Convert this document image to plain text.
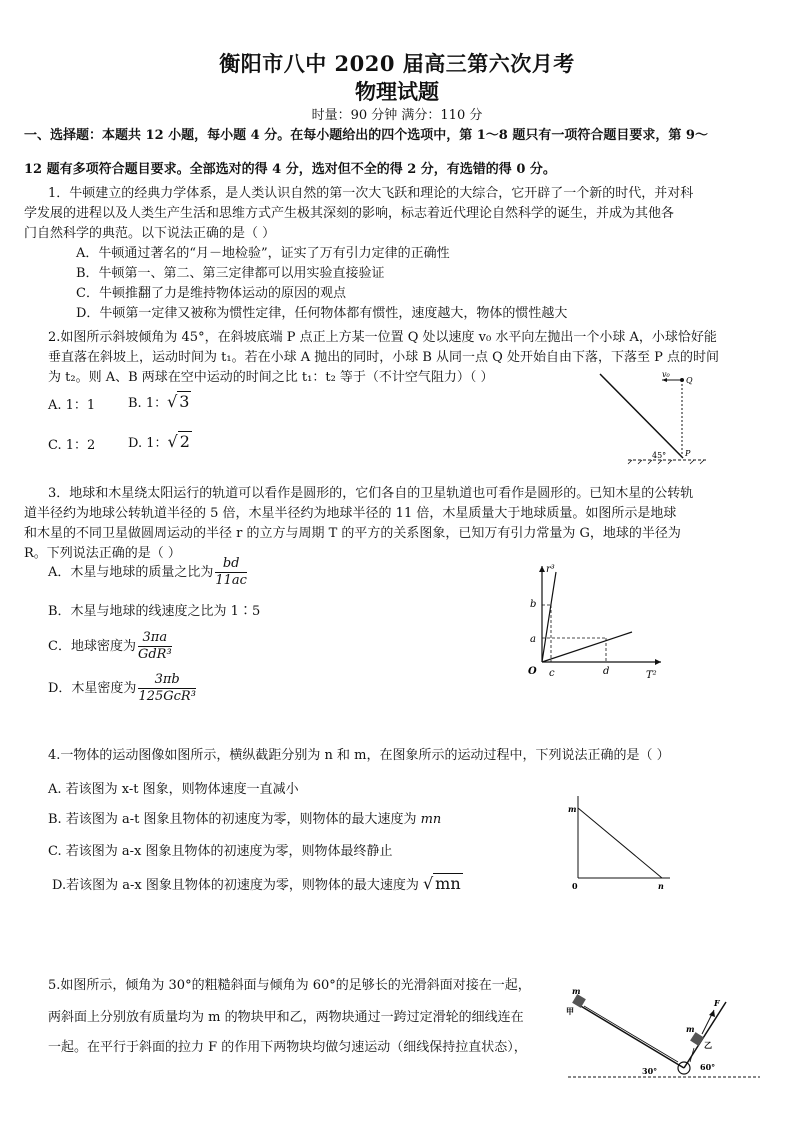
衡阳市八中 2020 届高三第六次月考
物理试题
时量：90 分钟 满分：110 分
一、选择题：本题共 12 小题，每小题 4 分。在每小题给出的四个选项中，第 1～8 题只有一项符合题目要求，第 9～
12 题有多项符合题目要求。全部选对的得 4 分，选对但不全的得 2 分，有选错的得 0 分。
1．牛顿建立的经典力学体系，是人类认识自然的第一次大飞跃和理论的大综合，它开辟了一个新的时代，并对科
学发展的进程以及人类生产生活和思维方式产生极其深刻的影响，标志着近代理论自然科学的诞生，并成为其他各
门自然科学的典范。以下说法正确的是（ ）
A．牛顿通过著名的“月－地检验”，证实了万有引力定律的正确性
B．牛顿第一、第二、第三定律都可以用实验直接验证
C．牛顿推翻了力是维持物体运动的原因的观点
D．牛顿第一定律又被称为惯性定律，任何物体都有惯性，速度越大，物体的惯性越大
2.如图所示斜坡倾角为 45°，在斜坡底端 P 点正上方某一位置 Q 处以速度 v₀ 水平向左抛出一个小球 A，小球恰好能
垂直落在斜坡上，运动时间为 t₁。若在小球 A 抛出的同时，小球 B 从同一点 Q 处开始自由下落，下落至 P 点的时间
为 t₂。则 A、B 两球在空中运动的时间之比 t₁：t₂ 等于（不计空气阻力）（ ）
A. 1：1	B. 1：√ 3
C. 1：2	D. 1：√ 2
v₀
Q
P
45°
3．地球和木星绕太阳运行的轨道可以看作是圆形的，它们各自的卫星轨道也可看作是圆形的。已知木星的公转轨
道半径约为地球公转轨道半径的 5 倍，木星半径约为地球半径的 11 倍，木星质量大于地球质量。如图所示是地球
和木星的不同卫星做圆周运动的半径 r 的立方与周期 T 的平方的关系图象，已知万有引力常量为 G，地球的半径为
R。下列说法正确的是（ ）
A．木星与地球的质量之比为 $\frac{bd}{11ac}$
B．木星与地球的线速度之比为 1∶5
C．地球密度为 $\frac{3\pi a}{\text{GdR³}}$
D．木星密度为 $\frac{3\pi b}{\text{125GcR³}}$
r³
T²
O
a
b
c	d
4.一物体的运动图像如图所示，横纵截距分别为 n 和 m，在图象所示的运动过程中，下列说法正确的是（ ）
A. 若该图为 x-t 图象，则物体速度一直减小
B. 若该图为 a-t 图象且物体的初速度为零，则物体的最大速度为 mn
C. 若该图为 a-x 图象且物体的初速度为零，则物体最终静止
D.若该图为 a-x 图象且物体的初速度为零，则物体的最大速度为 √ mn
m
0	n
5.如图所示，倾角为 30°的粗糙斜面与倾角为 60°的足够长的光滑斜面对接在一起，
两斜面上分别放有质量均为 m 的物块甲和乙，两物块通过一跨过定滑轮的细线连在
一起。在平行于斜面的拉力 F 的作用下两物块均做匀速运动（细线保持拉直状态），
m
甲
m
乙
F
30°	60°
